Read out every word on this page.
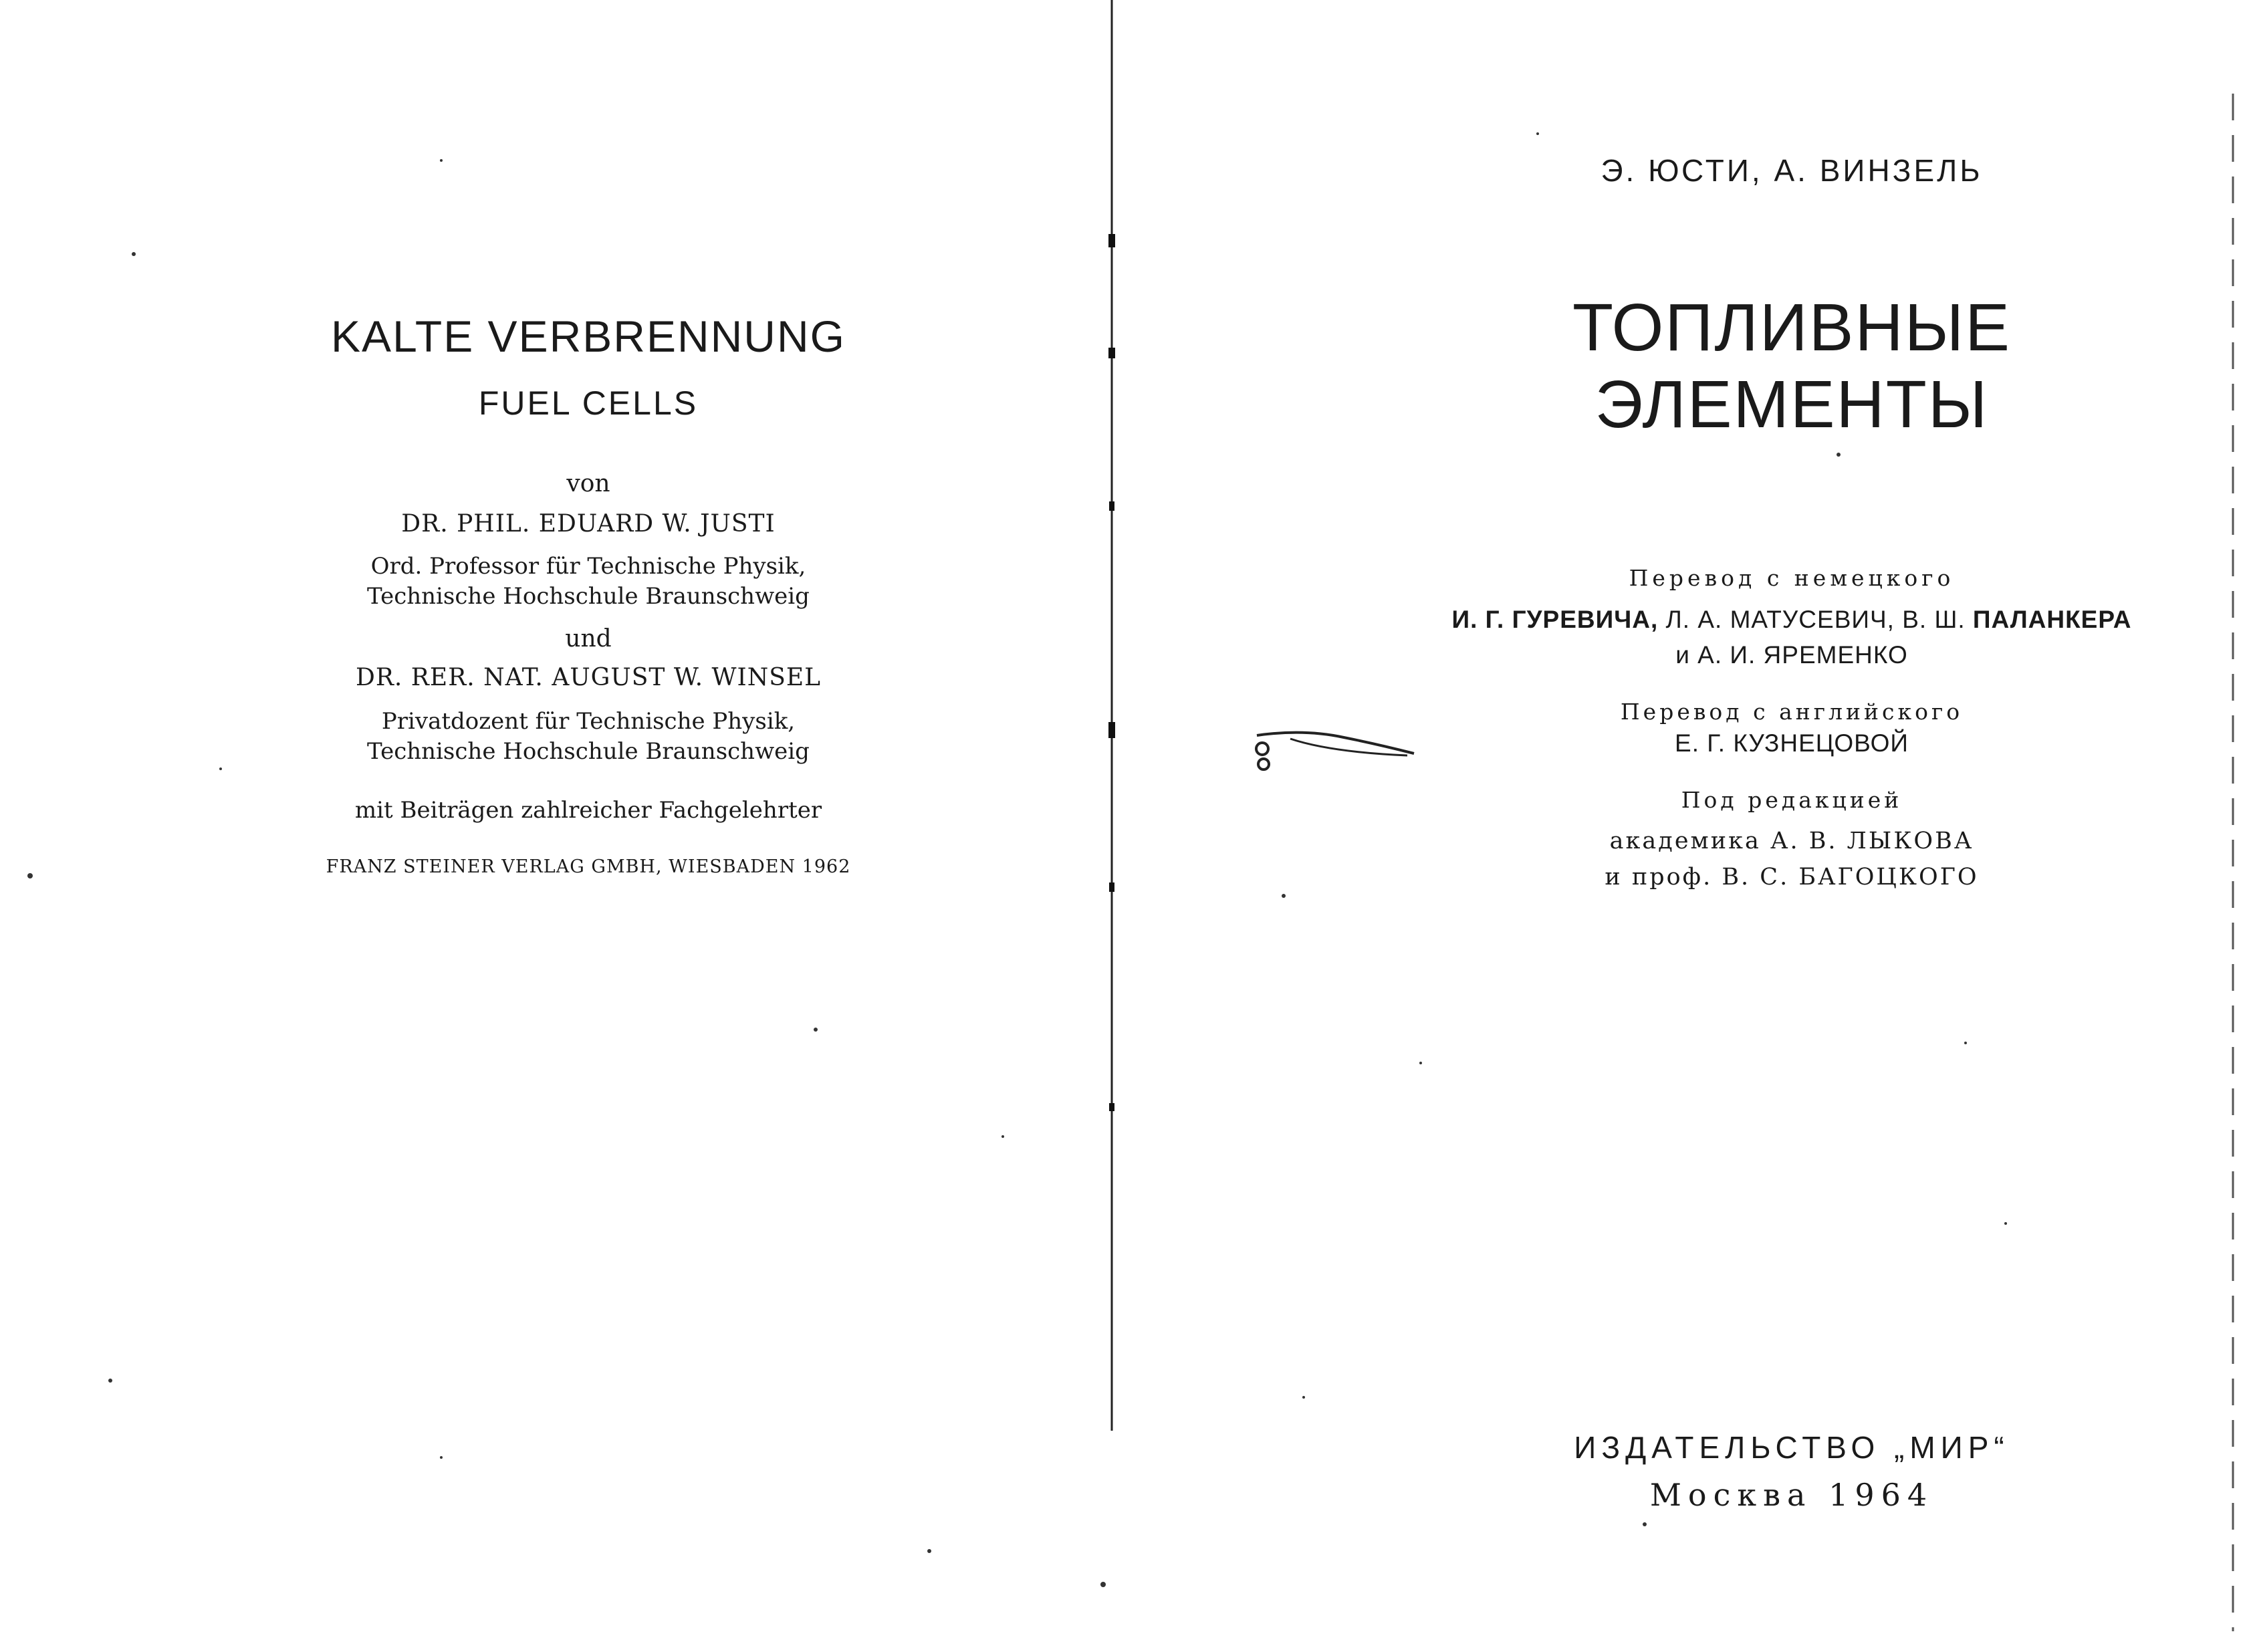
KALTE VERBRENNUNG
FUEL CELLS
von
DR. PHIL. EDUARD W. JUSTI
Ord. Professor für Technische Physik,
Technische Hochschule Braunschweig
und
DR. RER. NAT. AUGUST W. WINSEL
Privatdozent für Technische Physik,
Technische Hochschule Braunschweig
mit Beiträgen zahlreicher Fachgelehrter
FRANZ STEINER VERLAG GMBH, WIESBADEN 1962
Э. ЮСТИ, А. ВИНЗЕЛЬ
ТОПЛИВНЫЕ
ЭЛЕМЕНТЫ
Перевод с немецкого
И. Г. ГУРЕВИЧА, Л. А. МАТУСЕВИЧ, В. Ш. ПАЛАНКЕРА
и А. И. ЯРЕМЕНКО
Перевод с английского
Е. Г. КУЗНЕЦОВОЙ
Под редакцией
академика А. В. ЛЫКОВА
и проф. В. С. БАГОЦКОГО
ИЗДАТЕЛЬСТВО „МИР“
Москва 1964
